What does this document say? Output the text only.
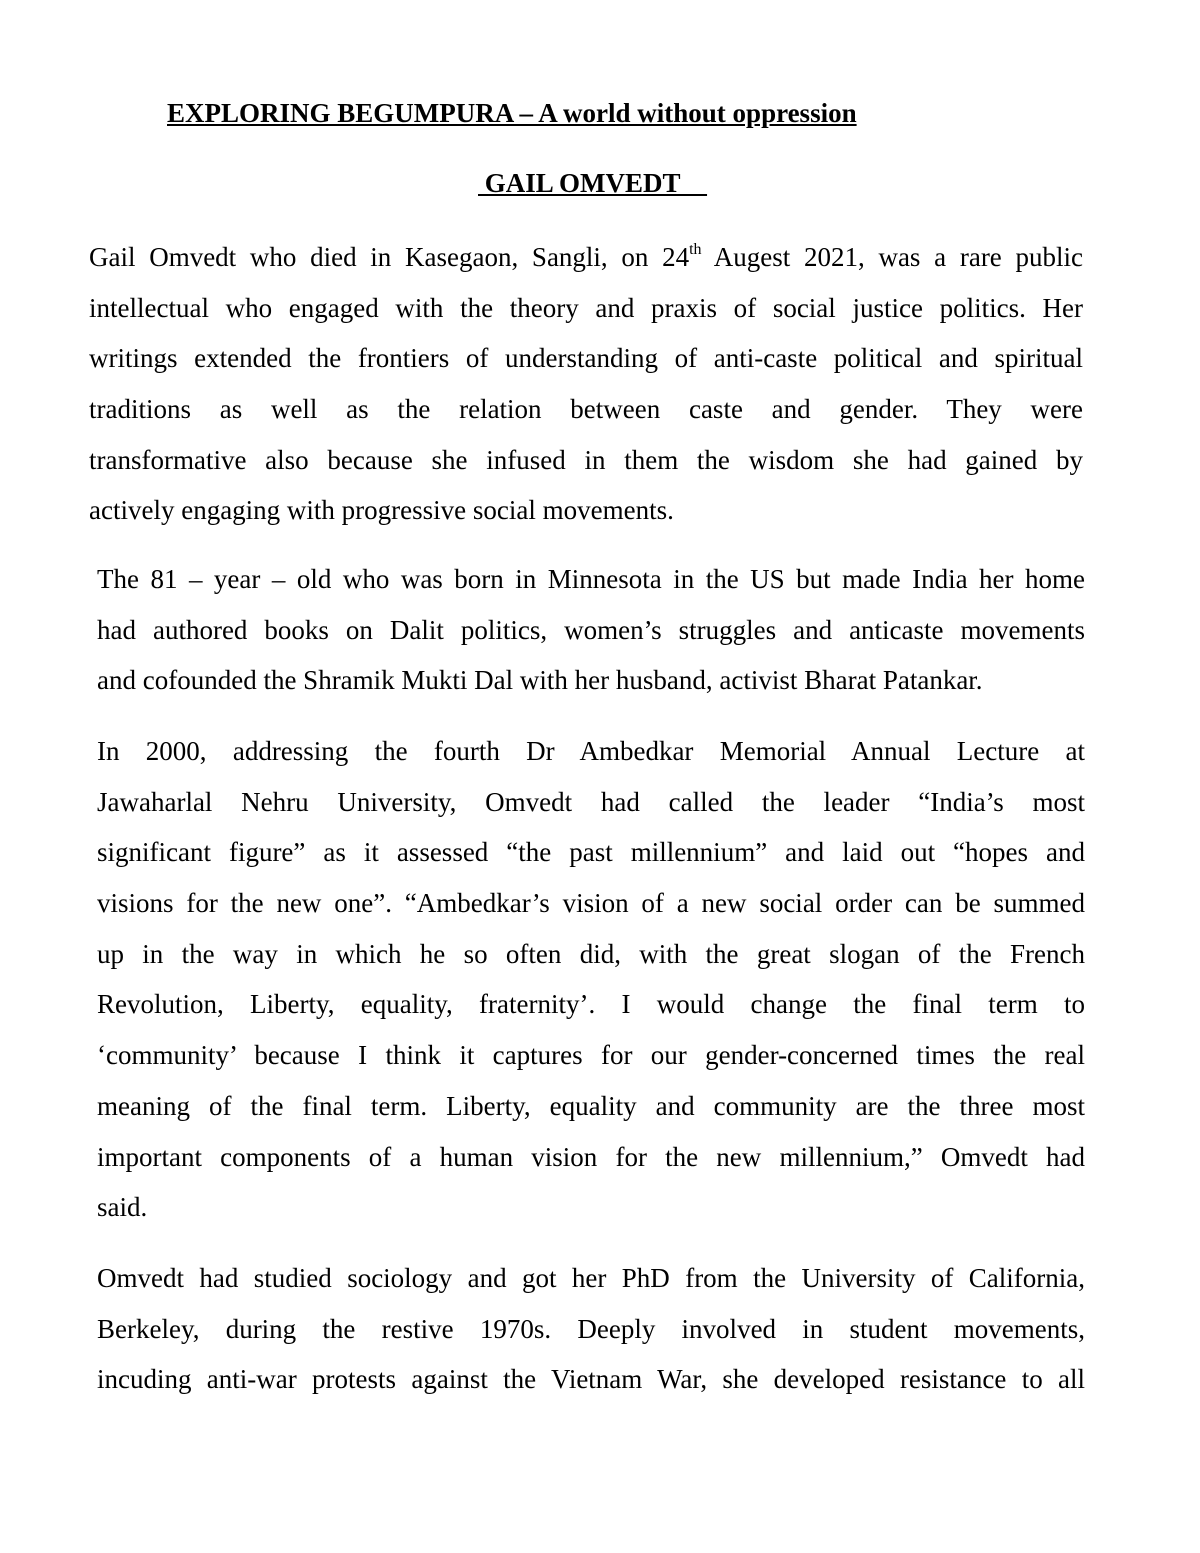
EXPLORING BEGUMPURA – A world without oppression
GAIL OMVEDT
Gail Omvedt who died in Kasegaon, Sangli, on 24th Augest 2021, was a rare public
intellectual who engaged with the theory and praxis of social justice politics. Her
writings extended the frontiers of understanding of anti-caste political and spiritual
traditions as well as the relation between caste and gender. They were
transformative also because she infused in them the wisdom she had gained by
actively engaging with progressive social movements.
The 81 – year – old who was born in Minnesota in the US but made India her home
had authored books on Dalit politics, women’s struggles and anticaste movements
and cofounded the Shramik Mukti Dal with her husband, activist Bharat Patankar.
In 2000, addressing the fourth Dr Ambedkar Memorial Annual Lecture at
Jawaharlal Nehru University, Omvedt had called the leader “India’s most
significant figure” as it assessed “the past millennium” and laid out “hopes and
visions for the new one”. “Ambedkar’s vision of a new social order can be summed
up in the way in which he so often did, with the great slogan of the French
Revolution, Liberty, equality, fraternity’. I would change the final term to
‘community’ because I think it captures for our gender-concerned times the real
meaning of the final term. Liberty, equality and community are the three most
important components of a human vision for the new millennium,” Omvedt had
said.
Omvedt had studied sociology and got her PhD from the University of California,
Berkeley, during the restive 1970s. Deeply involved in student movements,
incuding anti-war protests against the Vietnam War, she developed resistance to all
